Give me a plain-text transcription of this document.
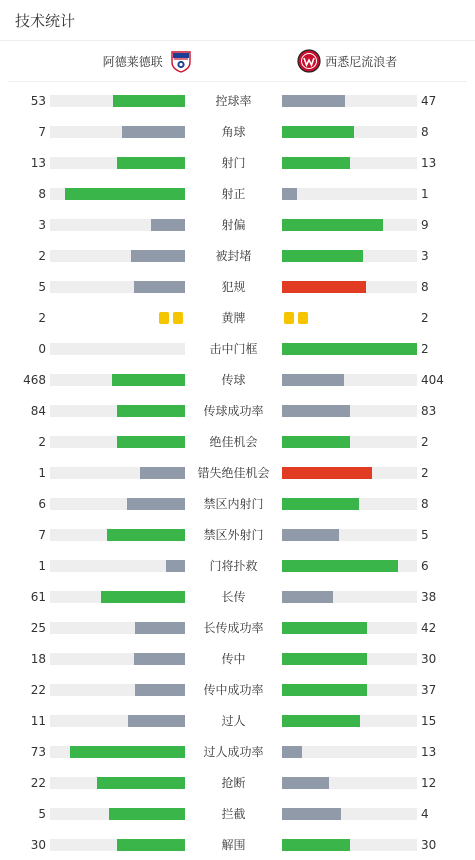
技术统计
阿德莱德联	西悉尼流浪者
53	控球率	47
7	角球	8
13	射门	13
8	射正	1
3	射偏	9
2	被封堵	3
5	犯规	8
2	黄牌	2
0	击中门框	2
468	传球	404
84	传球成功率	83
2	绝佳机会	2
1	错失绝佳机会	2
6	禁区内射门	8
7	禁区外射门	5
1	门将扑救	6
61	长传	38
25	长传成功率	42
18	传中	30
22	传中成功率	37
11	过人	15
73	过人成功率	13
22	抢断	12
5	拦截	4
30	解围	30
